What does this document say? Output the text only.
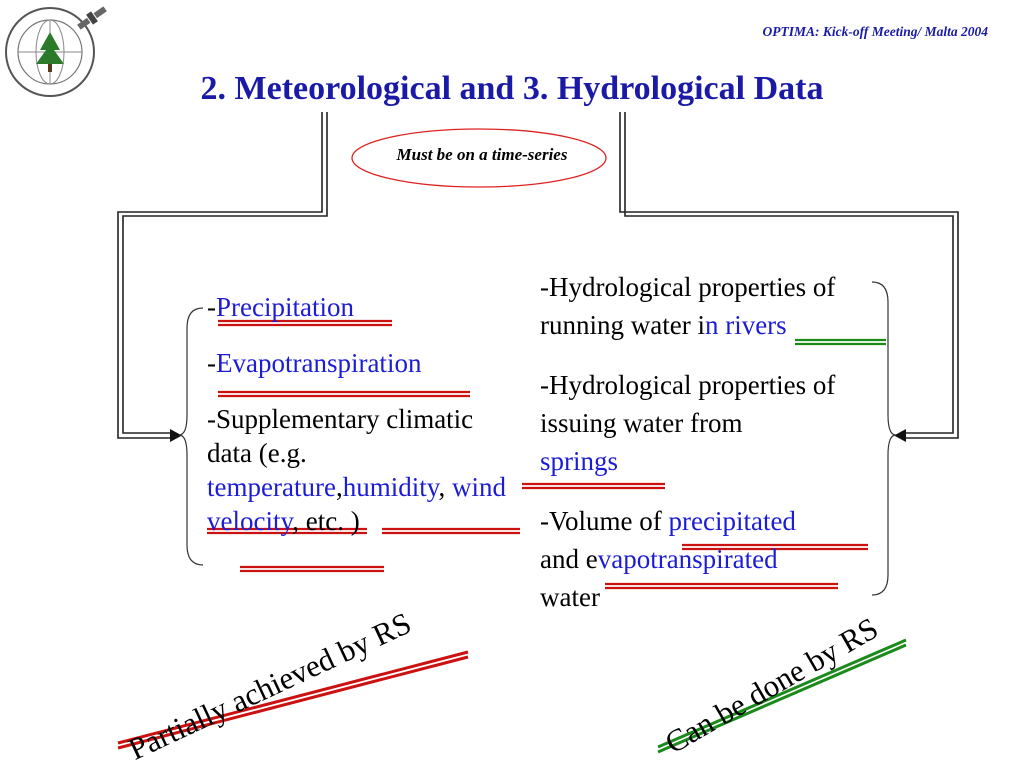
OPTIMA: Kick-off Meeting/ Malta 2004
2. Meteorological and 3. Hydrological Data
Must be on a time-series

-Precipitation

-Evapotranspiration

-Supplementary climatic data (e.g. temperature,humidity, wind velocity, etc. )

-Hydrological properties of running water in rivers

-Hydrological properties of issuing water from
springs

-Volume of precipitated
and evapotranspirated
water

Partially achieved by RS	Can be done by RS
